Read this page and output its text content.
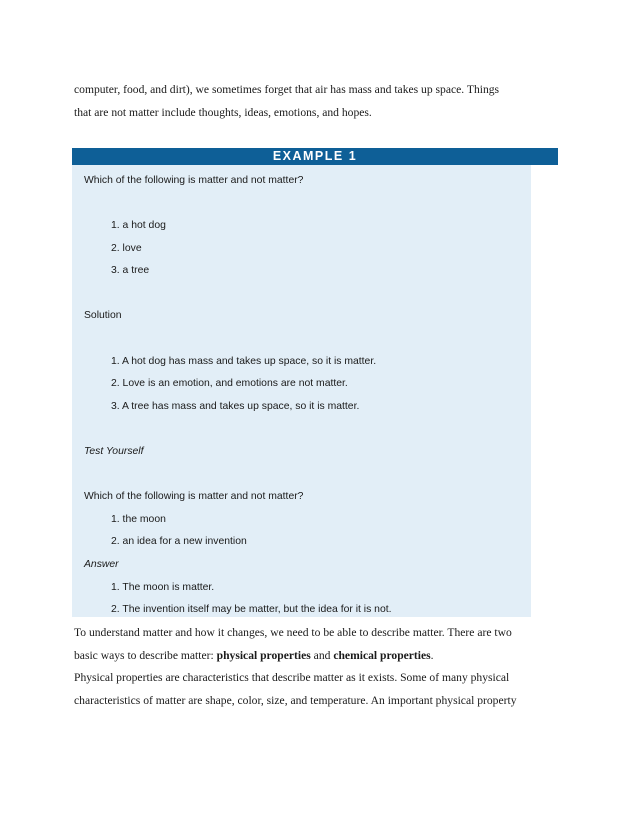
computer, food, and dirt), we sometimes forget that air has mass and takes up space. Things
that are not matter include thoughts, ideas, emotions, and hopes.

EXAMPLE 1
Which of the following is matter and not matter?
1. a hot dog
2. love
3. a tree
Solution
1. A hot dog has mass and takes up space, so it is matter.
2. Love is an emotion, and emotions are not matter.
3. A tree has mass and takes up space, so it is matter.
Test Yourself
Which of the following is matter and not matter?
1. the moon
2. an idea for a new invention
Answer
1. The moon is matter.
2. The invention itself may be matter, but the idea for it is not.

To understand matter and how it changes, we need to be able to describe matter. There are two
basic ways to describe matter: physical properties and chemical properties.

Physical properties are characteristics that describe matter as it exists. Some of many physical
characteristics of matter are shape, color, size, and temperature. An important physical property
